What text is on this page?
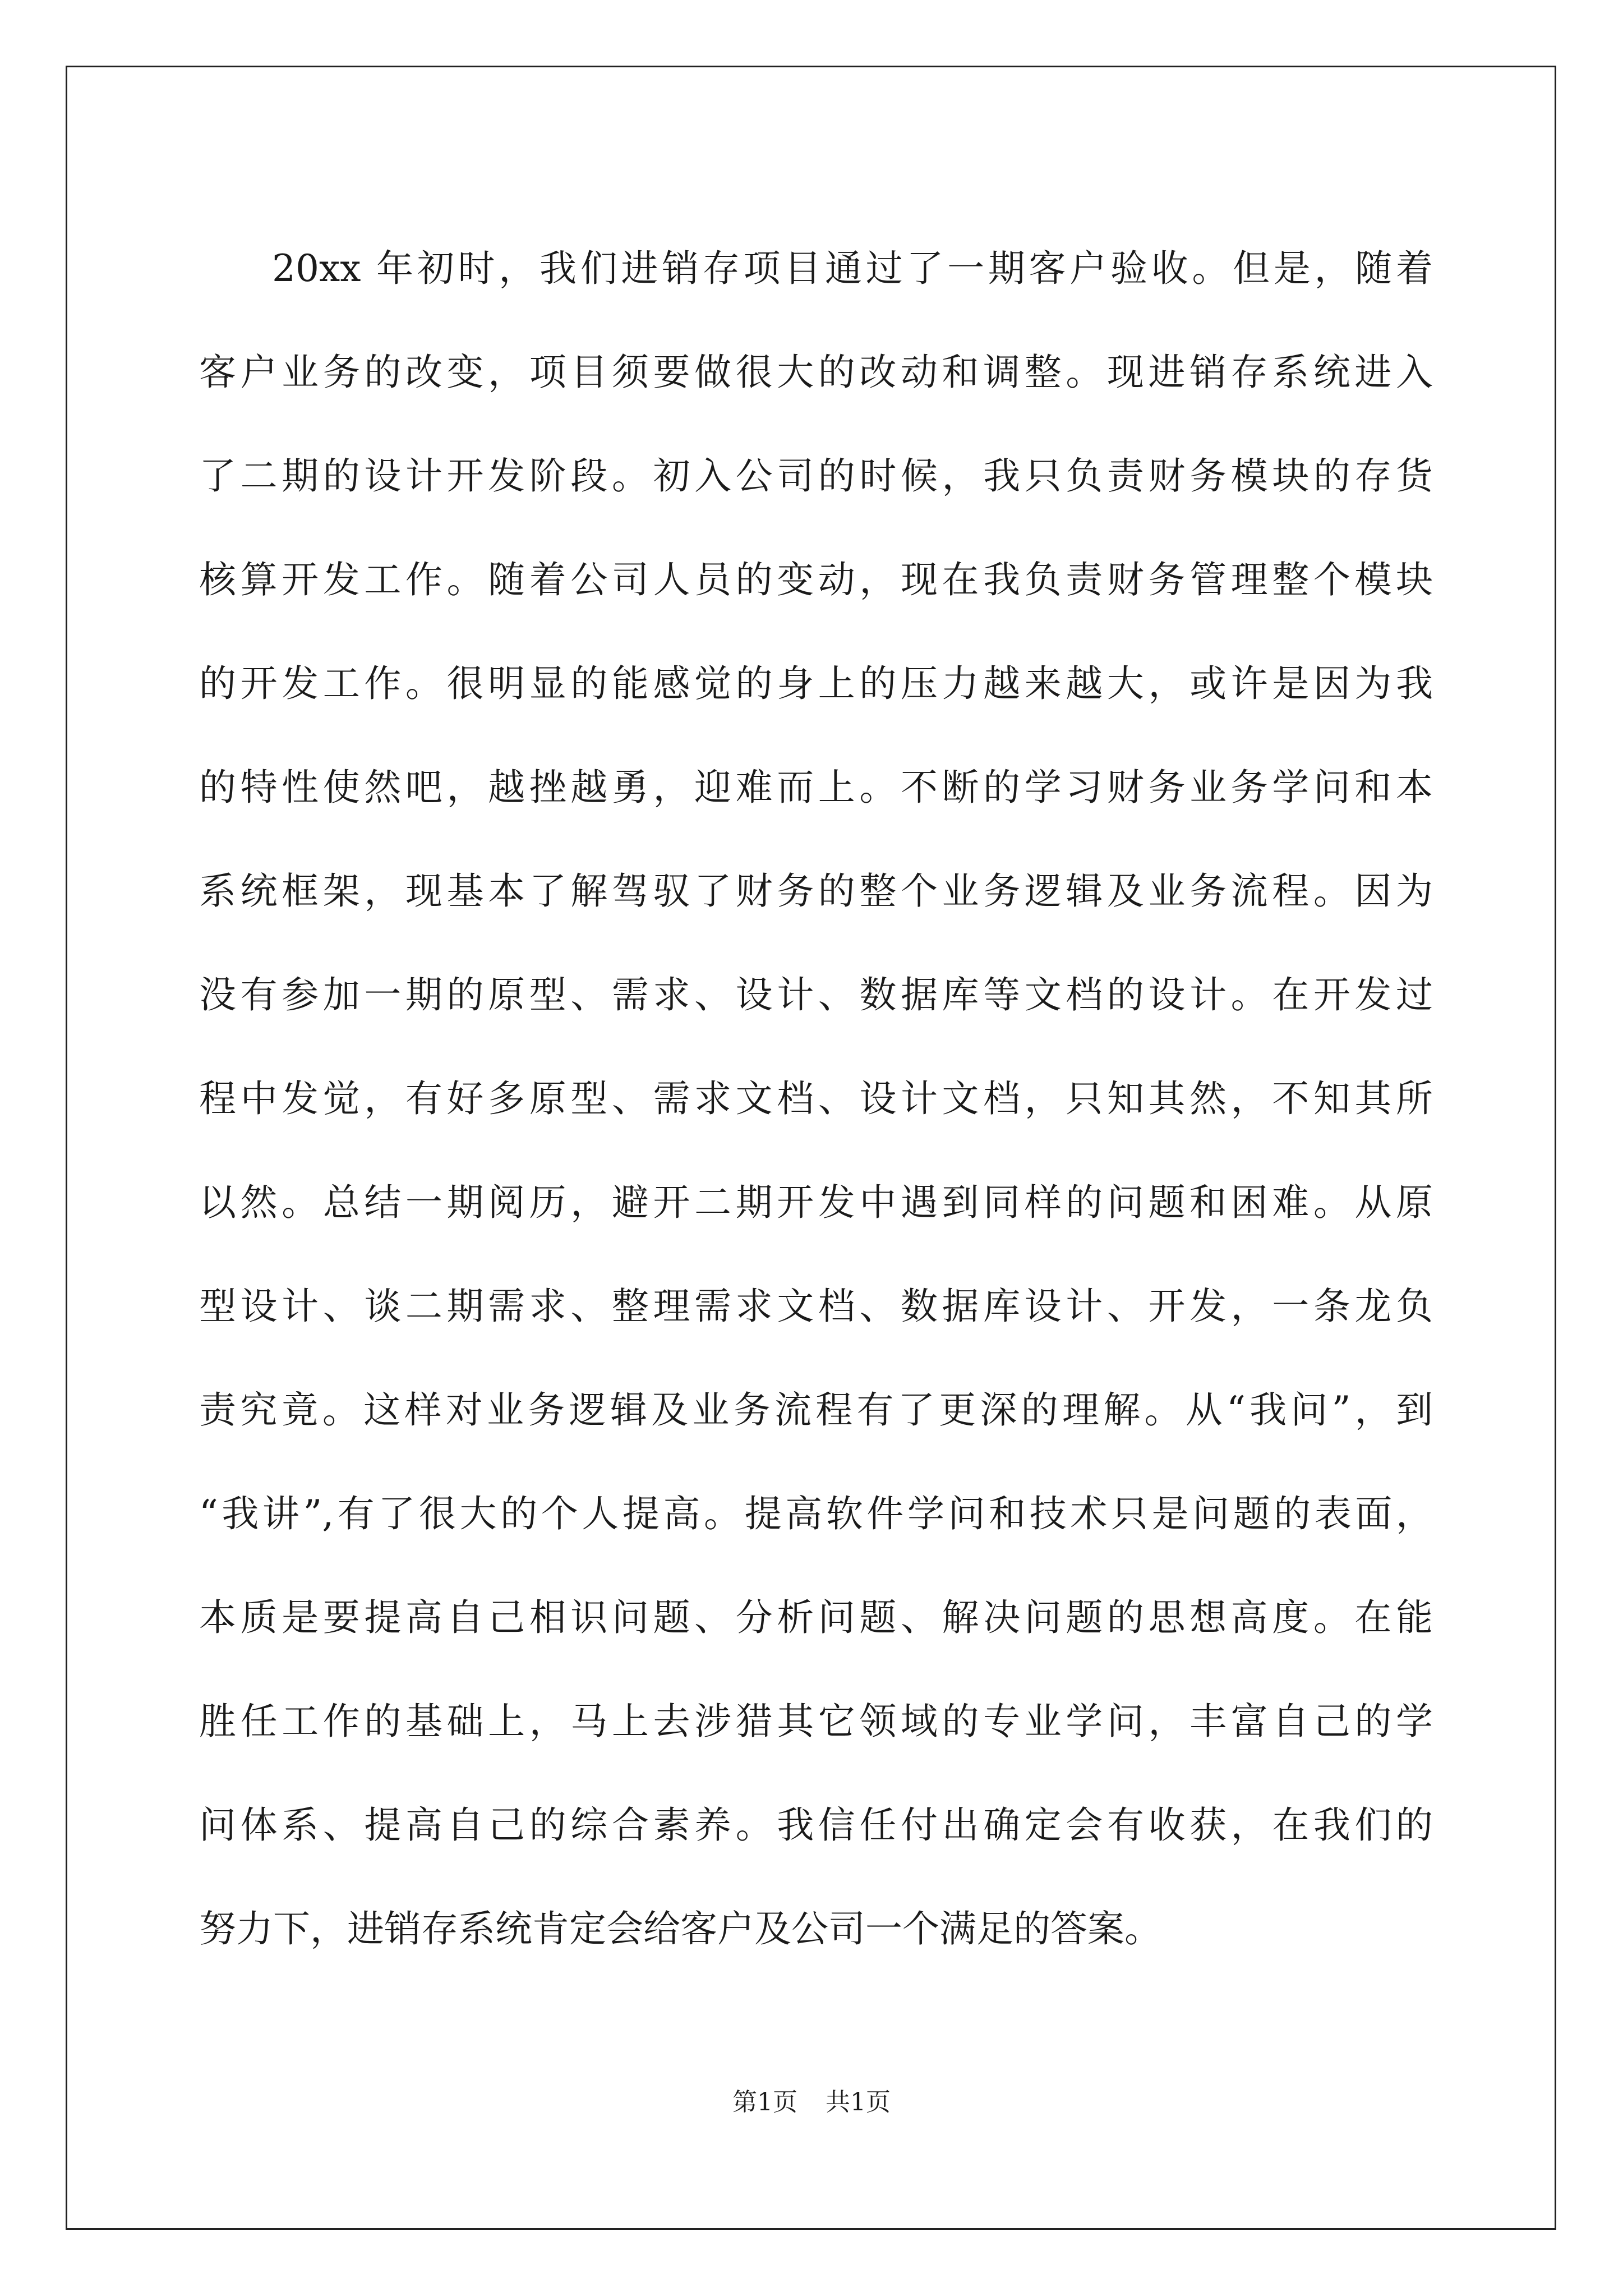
20xx 年初时，我们进销存项目通过了一期客户验收。但是，随着
客户业务的改变，项目须要做很大的改动和调整。现进销存系统进入
了二期的设计开发阶段。初入公司的时候，我只负责财务模块的存货
核算开发工作。随着公司人员的变动，现在我负责财务管理整个模块
的开发工作。很明显的能感觉的身上的压力越来越大，或许是因为我
的特性使然吧，越挫越勇，迎难而上。不断的学习财务业务学问和本
系统框架，现基本了解驾驭了财务的整个业务逻辑及业务流程。因为
没有参加一期的原型、需求、设计、数据库等文档的设计。在开发过
程中发觉，有好多原型、需求文档、设计文档，只知其然，不知其所
以然。总结一期阅历，避开二期开发中遇到同样的问题和困难。从原
型设计、谈二期需求、整理需求文档、数据库设计、开发，一条龙负
责究竟。这样对业务逻辑及业务流程有了更深的理解。从“我问”，到
“我讲”,有了很大的个人提高。提高软件学问和技术只是问题的表面，
本质是要提高自己相识问题、分析问题、解决问题的思想高度。在能
胜任工作的基础上，马上去涉猎其它领域的专业学问，丰富自己的学
问体系、提高自己的综合素养。我信任付出确定会有收获，在我们的
努力下，进销存系统肯定会给客户及公司一个满足的答案。
第1页 共1页
